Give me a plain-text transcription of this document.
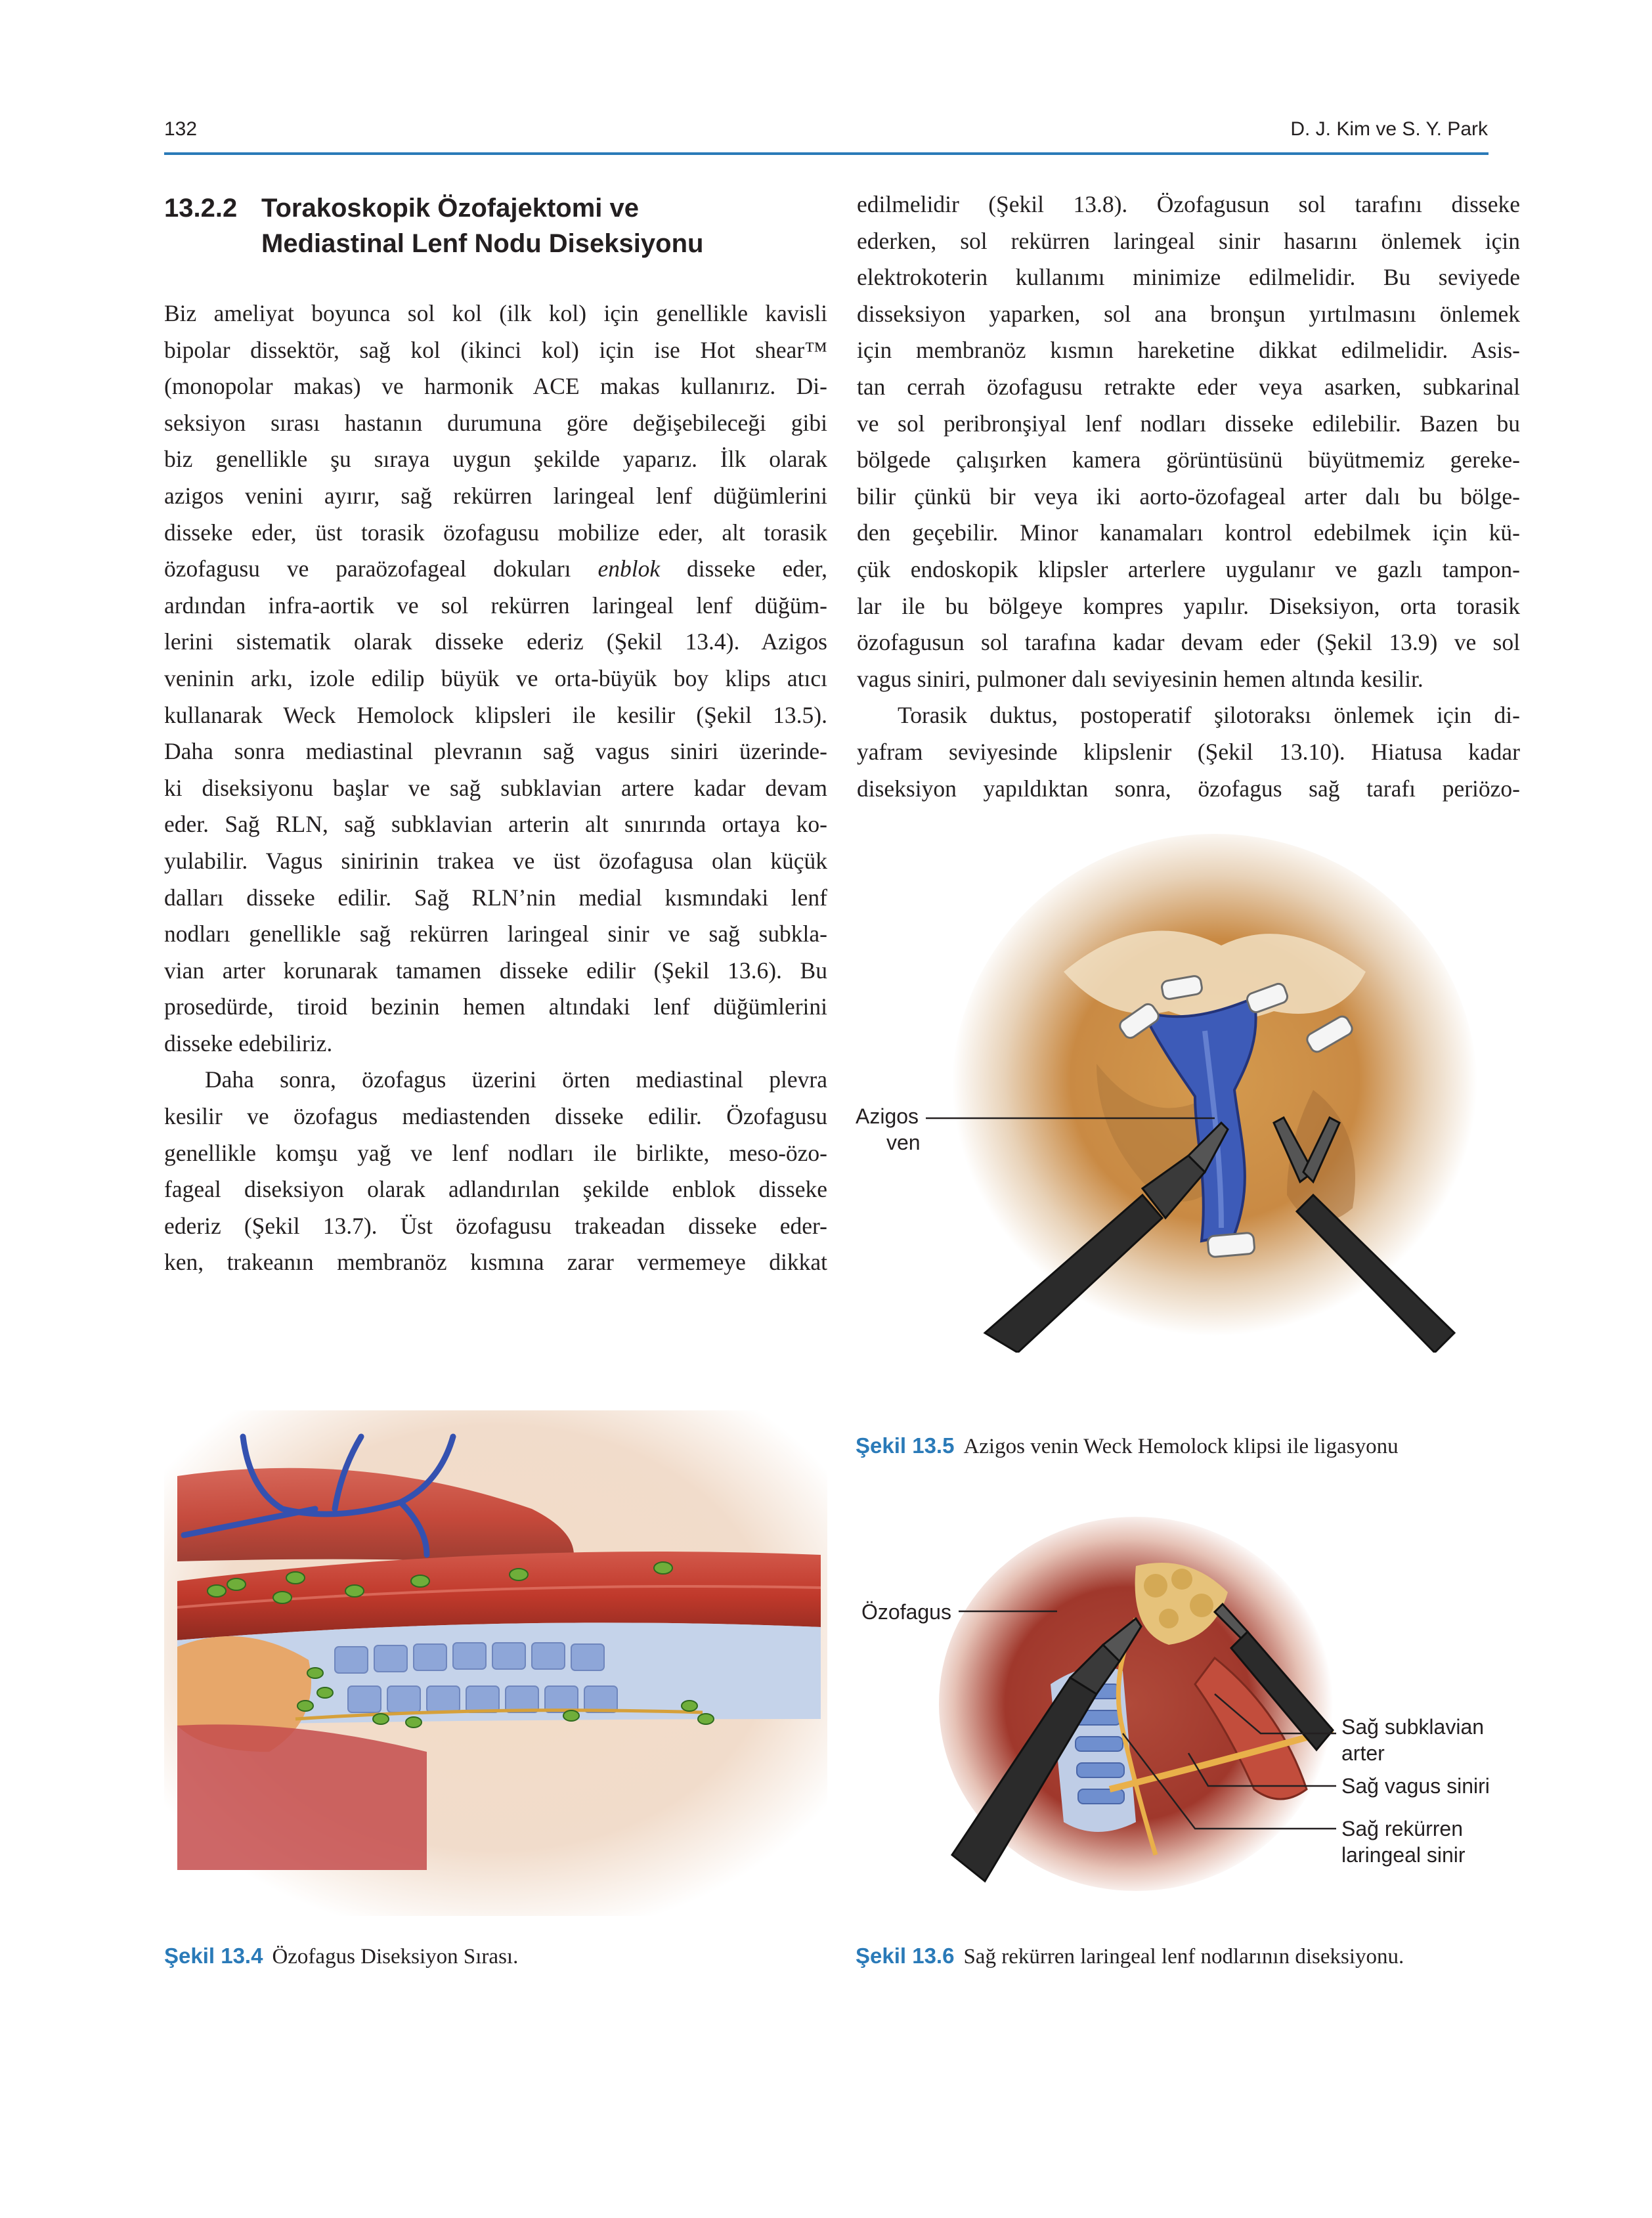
132	D. J. Kim ve S. Y. Park
13.2.2 Torakoskopik Özofajektomi ve
Mediastinal Lenf Nodu Diseksiyonu
Biz ameliyat boyunca sol kol (ilk kol) için genellikle kavisli
bipolar dissektör, sağ kol (ikinci kol) için ise Hot shear™
(monopolar makas) ve harmonik ACE makas kullanırız. Di-
seksiyon sırası hastanın durumuna göre değişebileceği gibi
biz genellikle şu sıraya uygun şekilde yaparız. İlk olarak
azigos venini ayırır, sağ rekürren laringeal lenf düğümlerini
disseke eder, üst torasik özofagusu mobilize eder, alt torasik
özofagusu ve paraözofageal dokuları enblok disseke eder,
ardından infra-aortik ve sol rekürren laringeal lenf düğüm-
lerini sistematik olarak disseke ederiz (Şekil 13.4). Azigos
veninin arkı, izole edilip büyük ve orta-büyük boy klips atıcı
kullanarak Weck Hemolock klipsleri ile kesilir (Şekil 13.5).
Daha sonra mediastinal plevranın sağ vagus siniri üzerinde-
ki diseksiyonu başlar ve sağ subklavian artere kadar devam
eder. Sağ RLN, sağ subklavian arterin alt sınırında ortaya ko-
yulabilir. Vagus sinirinin trakea ve üst özofagusa olan küçük
dalları disseke edilir. Sağ RLN’nin medial kısmındaki lenf
nodları genellikle sağ rekürren laringeal sinir ve sağ subkla-
vian arter korunarak tamamen disseke edilir (Şekil 13.6). Bu
prosedürde, tiroid bezinin hemen altındaki lenf düğümlerini
disseke edebiliriz.
Daha sonra, özofagus üzerini örten mediastinal plevra
kesilir ve özofagus mediastenden disseke edilir. Özofagusu
genellikle komşu yağ ve lenf nodları ile birlikte, meso-özo-
fageal diseksiyon olarak adlandırılan şekilde enblok disseke
ederiz (Şekil 13.7). Üst özofagusu trakeadan disseke eder-
ken, trakeanın membranöz kısmına zarar vermemeye dikkat
edilmelidir (Şekil 13.8). Özofagusun sol tarafını disseke
ederken, sol rekürren laringeal sinir hasarını önlemek için
elektrokoterin kullanımı minimize edilmelidir. Bu seviyede
disseksiyon yaparken, sol ana bronşun yırtılmasını önlemek
için membranöz kısmın hareketine dikkat edilmelidir. Asis-
tan cerrah özofagusu retrakte eder veya asarken, subkarinal
ve sol peribronşiyal lenf nodları disseke edilebilir. Bazen bu
bölgede çalışırken kamera görüntüsünü büyütmemiz gereke-
bilir çünkü bir veya iki aorto-özofageal arter dalı bu bölge-
den geçebilir. Minor kanamaları kontrol edebilmek için kü-
çük endoskopik klipsler arterlere uygulanır ve gazlı tampon-
lar ile bu bölgeye kompres yapılır. Diseksiyon, orta torasik
özofagusun sol tarafına kadar devam eder (Şekil 13.9) ve sol
vagus siniri, pulmoner dalı seviyesinin hemen altında kesilir.
Torasik duktus, postoperatif şilotoraksı önlemek için di-
yafram seviyesinde klipslenir (Şekil 13.10). Hiatusa kadar
diseksiyon yapıldıktan sonra, özofagus sağ tarafı periözo-
Azigos
ven
Şekil 13.5 Azigos venin Weck Hemolock klipsi ile ligasyonu
Şekil 13.4 Özofagus Diseksiyon Sırası.
Özofagus
Sağ subklavian
arter
Sağ vagus siniri
Sağ rekürren
laringeal sinir
Şekil 13.6 Sağ rekürren laringeal lenf nodlarının diseksiyonu.
